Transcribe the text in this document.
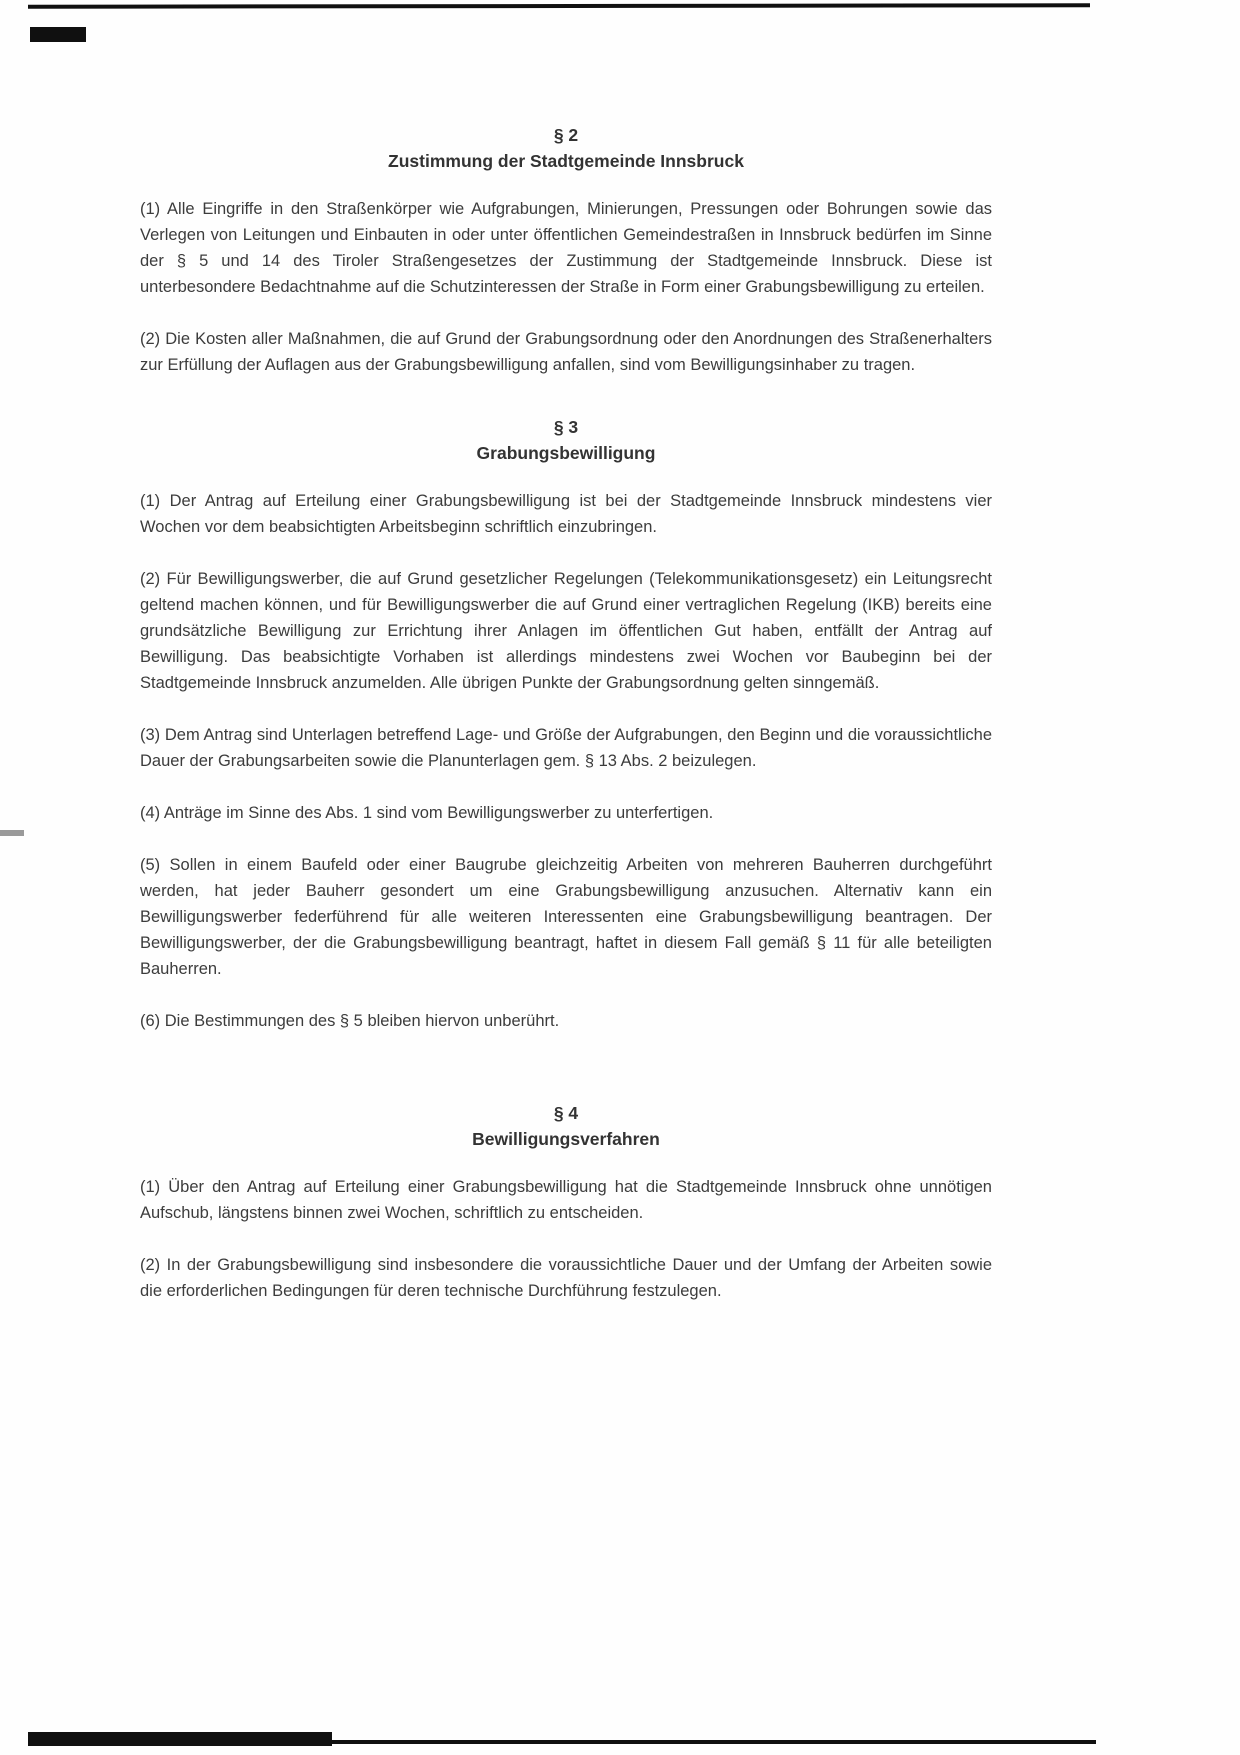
§ 2
Zustimmung der Stadtgemeinde Innsbruck

(1) Alle Eingriffe in den Straßenkörper wie Aufgrabungen, Minierungen, Pressungen oder Bohrungen sowie das Verlegen von Leitungen und Einbauten in oder unter öffentlichen Gemeindestraßen in Innsbruck bedürfen im Sinne der § 5 und 14 des Tiroler Straßengesetzes der Zustimmung der Stadtgemeinde Innsbruck. Diese ist unterbesondere Bedachtnahme auf die Schutzinteressen der Straße in Form einer Grabungsbewilligung zu erteilen.

(2) Die Kosten aller Maßnahmen, die auf Grund der Grabungsordnung oder den Anordnungen des Straßenerhalters zur Erfüllung der Auflagen aus der Grabungsbewilligung anfallen, sind vom Bewilligungsinhaber zu tragen.

§ 3
Grabungsbewilligung

(1) Der Antrag auf Erteilung einer Grabungsbewilligung ist bei der Stadtgemeinde Innsbruck mindestens vier Wochen vor dem beabsichtigten Arbeitsbeginn schriftlich einzubringen.

(2) Für Bewilligungswerber, die auf Grund gesetzlicher Regelungen (Telekommunikationsgesetz) ein Leitungsrecht geltend machen können, und für Bewilligungswerber die auf Grund einer vertraglichen Regelung (IKB) bereits eine grundsätzliche Bewilligung zur Errichtung ihrer Anlagen im öffentlichen Gut haben, entfällt der Antrag auf Bewilligung. Das beabsichtigte Vorhaben ist allerdings mindestens zwei Wochen vor Baubeginn bei der Stadtgemeinde Innsbruck anzumelden. Alle übrigen Punkte der Grabungsordnung gelten sinngemäß.

(3) Dem Antrag sind Unterlagen betreffend Lage- und Größe der Aufgrabungen, den Beginn und die voraussichtliche Dauer der Grabungsarbeiten sowie die Planunterlagen gem. § 13 Abs. 2 beizulegen.

(4) Anträge im Sinne des Abs. 1 sind vom Bewilligungswerber zu unterfertigen.

(5) Sollen in einem Baufeld oder einer Baugrube gleichzeitig Arbeiten von mehreren Bauherren durchgeführt werden, hat jeder Bauherr gesondert um eine Grabungsbewilligung anzusuchen. Alternativ kann ein Bewilligungswerber federführend für alle weiteren Interessenten eine Grabungsbewilligung beantragen. Der Bewilligungswerber, der die Grabungsbewilligung beantragt, haftet in diesem Fall gemäß § 11 für alle beteiligten Bauherren.

(6) Die Bestimmungen des § 5 bleiben hiervon unberührt.

§ 4
Bewilligungsverfahren

(1) Über den Antrag auf Erteilung einer Grabungsbewilligung hat die Stadtgemeinde Innsbruck ohne unnötigen Aufschub, längstens binnen zwei Wochen, schriftlich zu entscheiden.

(2) In der Grabungsbewilligung sind insbesondere die voraussichtliche Dauer und der Umfang der Arbeiten sowie die erforderlichen Bedingungen für deren technische Durchführung festzulegen.
